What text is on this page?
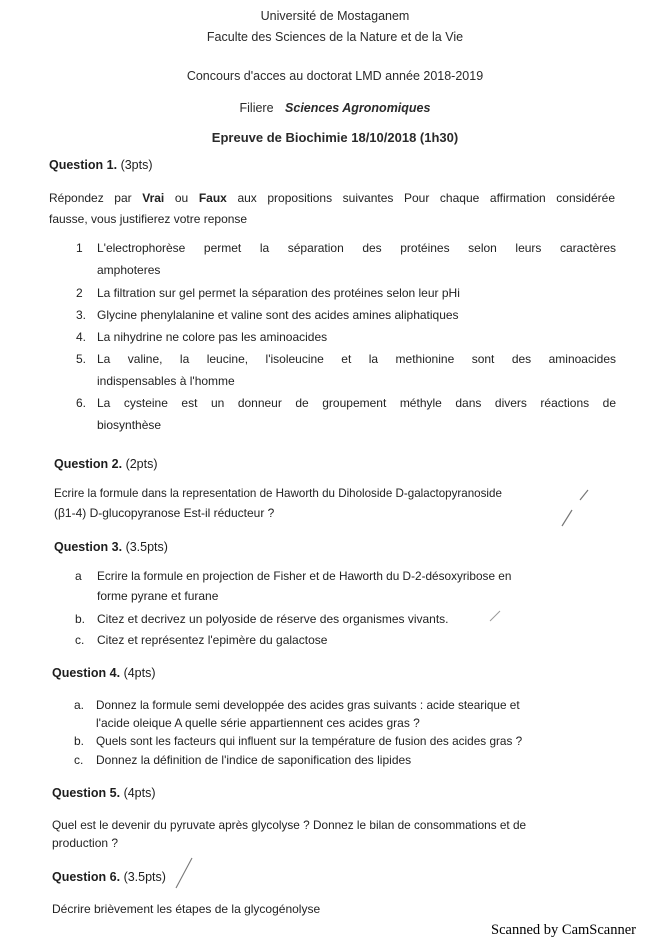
Université de Mostaganem
Faculte des Sciences de la Nature et de la Vie
Concours d'acces au doctorat LMD année 2018-2019
Filiere Sciences Agronomiques
Epreuve de Biochimie 18/10/2018 (1h30)
Question 1. (3pts)
Répondez par Vrai ou Faux aux propositions suivantes Pour chaque affirmation considérée
fausse, vous justifierez votre reponse
1 L'electrophorèse permet la séparation des protéines selon leurs caractères
amphoteres
2 La filtration sur gel permet la séparation des protéines selon leur pHi
3. Glycine phenylalanine et valine sont des acides amines aliphatiques
4. La nihydrine ne colore pas les aminoacides
5. La valine, la leucine, l'isoleucine et la methionine sont des aminoacides
indispensables à l'homme
6. La cysteine est un donneur de groupement méthyle dans divers réactions de
biosynthèse
Question 2. (2pts)
Ecrire la formule dans la representation de Haworth du Diholoside D-galactopyranoside
(β1-4) D-glucopyranose Est-il réducteur ?
Question 3. (3.5pts)
a Ecrire la formule en projection de Fisher et de Haworth du D-2-désoxyribose en
forme pyrane et furane
b. Citez et decrivez un polyoside de réserve des organismes vivants.
c. Citez et représentez l'epimère du galactose
Question 4. (4pts)
a. Donnez la formule semi developpée des acides gras suivants : acide stearique et
l'acide oleique A quelle série appartiennent ces acides gras ?
b. Quels sont les facteurs qui influent sur la température de fusion des acides gras ?
c. Donnez la définition de l'indice de saponification des lipides
Question 5. (4pts)
Quel est le devenir du pyruvate après glycolyse ? Donnez le bilan de consommations et de
production ?
Question 6. (3.5pts)
Décrire brièvement les étapes de la glycogénolyse
Scanned by CamScanner
